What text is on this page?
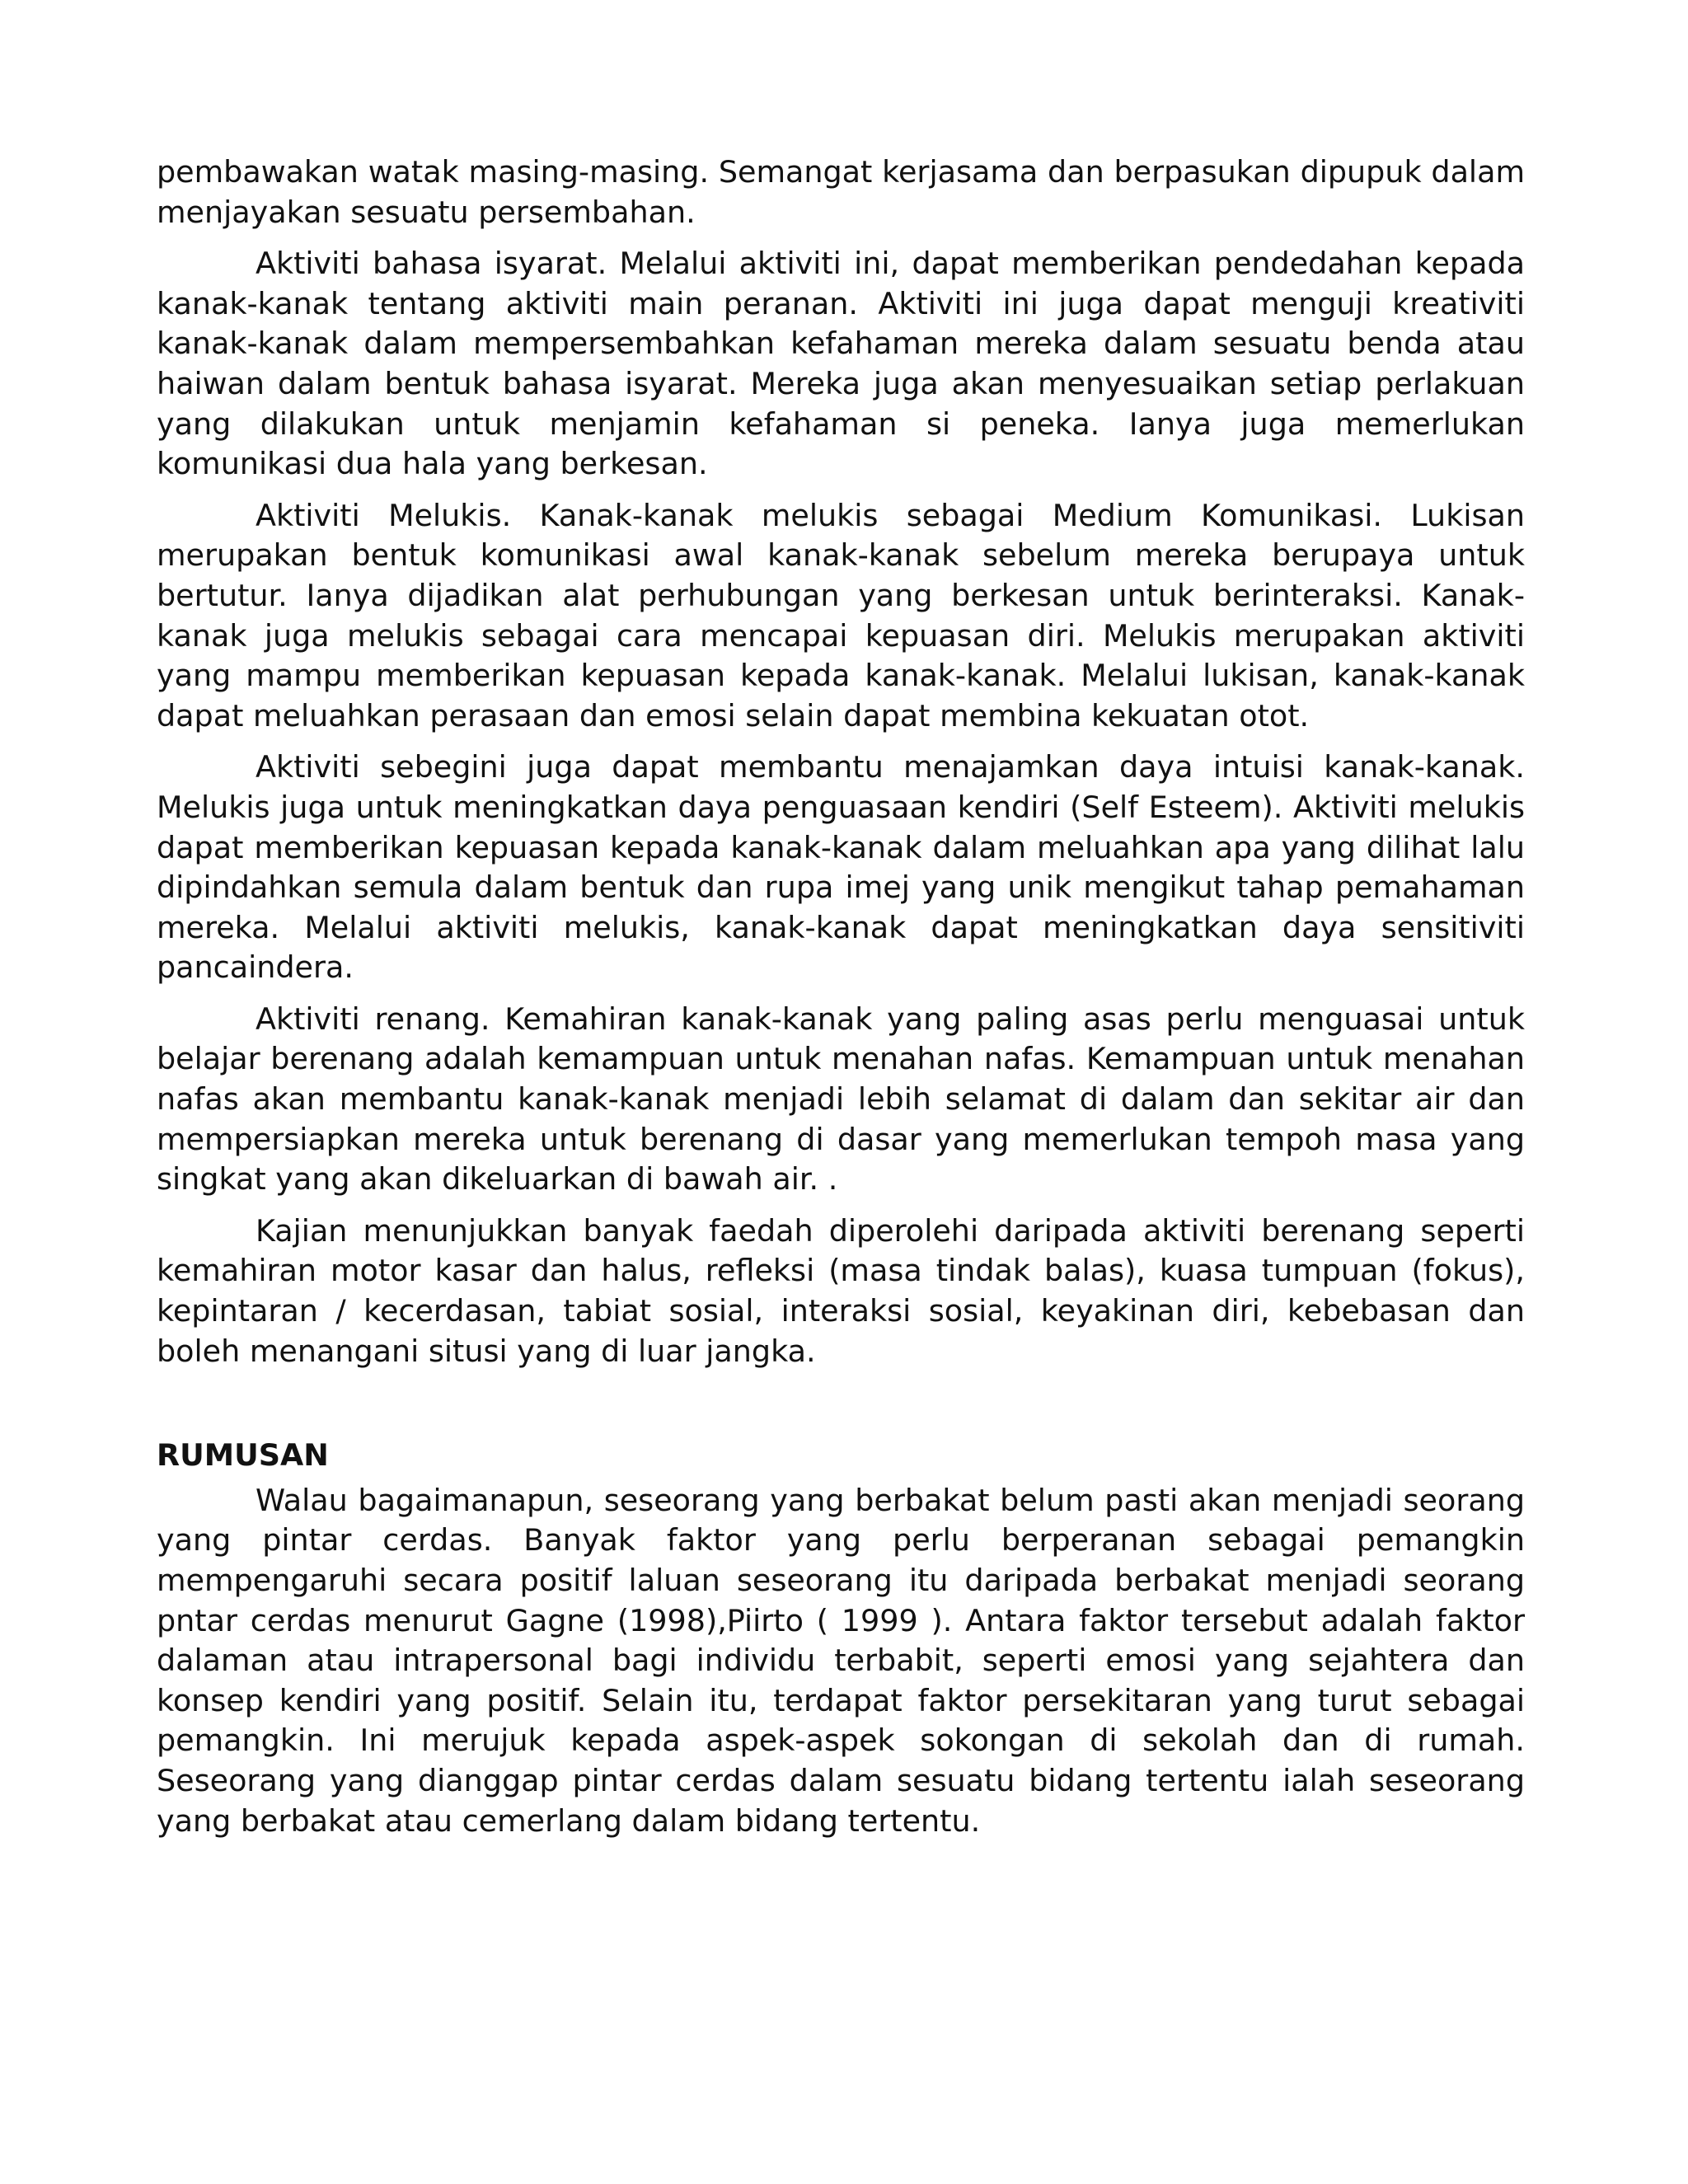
pembawakan watak masing-masing. Semangat kerjasama dan berpasukan dipupuk dalam menjayakan sesuatu persembahan.

Aktiviti bahasa isyarat. Melalui aktiviti ini, dapat memberikan pendedahan kepada kanak-kanak tentang aktiviti main peranan. Aktiviti ini juga dapat menguji kreativiti kanak-kanak dalam mempersembahkan kefahaman mereka dalam sesuatu benda atau haiwan dalam bentuk bahasa isyarat. Mereka juga akan menyesuaikan setiap perlakuan yang dilakukan untuk menjamin kefahaman si peneka. Ianya juga memerlukan komunikasi dua hala yang berkesan.

Aktiviti Melukis. Kanak-kanak melukis sebagai Medium Komunikasi. Lukisan merupakan bentuk komunikasi awal kanak-kanak sebelum mereka berupaya untuk bertutur. Ianya dijadikan alat perhubungan yang berkesan untuk berinteraksi. Kanak-kanak juga melukis sebagai cara mencapai kepuasan diri. Melukis merupakan aktiviti yang mampu memberikan kepuasan kepada kanak-kanak. Melalui lukisan, kanak-kanak dapat meluahkan perasaan dan emosi selain dapat membina kekuatan otot.

Aktiviti sebegini juga dapat membantu menajamkan daya intuisi kanak-kanak. Melukis juga untuk meningkatkan daya penguasaan kendiri (Self Esteem). Aktiviti melukis dapat memberikan kepuasan kepada kanak-kanak dalam meluahkan apa yang dilihat lalu dipindahkan semula dalam bentuk dan rupa imej yang unik mengikut tahap pemahaman mereka. Melalui aktiviti melukis, kanak-kanak dapat meningkatkan daya sensitiviti pancaindera.

Aktiviti renang. Kemahiran kanak-kanak yang paling asas perlu menguasai untuk belajar berenang adalah kemampuan untuk menahan nafas. Kemampuan untuk menahan nafas akan membantu kanak-kanak menjadi lebih selamat di dalam dan sekitar air dan mempersiapkan mereka untuk berenang di dasar yang memerlukan tempoh masa yang singkat yang akan dikeluarkan di bawah air. .

Kajian menunjukkan banyak faedah diperolehi daripada aktiviti berenang seperti kemahiran motor kasar dan halus, refleksi (masa tindak balas), kuasa tumpuan (fokus), kepintaran / kecerdasan, tabiat sosial, interaksi sosial, keyakinan diri, kebebasan dan boleh menangani situsi yang di luar jangka.

RUMUSAN

Walau bagaimanapun, seseorang yang berbakat belum pasti akan menjadi seorang yang pintar cerdas. Banyak faktor yang perlu berperanan sebagai pemangkin mempengaruhi secara positif laluan seseorang itu daripada berbakat menjadi seorang pntar cerdas menurut Gagne (1998),Piirto ( 1999 ). Antara faktor tersebut adalah faktor dalaman atau intrapersonal bagi individu terbabit, seperti emosi yang sejahtera dan konsep kendiri yang positif. Selain itu, terdapat faktor persekitaran yang turut sebagai pemangkin. Ini merujuk kepada aspek-aspek sokongan di sekolah dan di rumah. Seseorang yang dianggap pintar cerdas dalam sesuatu bidang tertentu ialah seseorang yang berbakat atau cemerlang dalam bidang tertentu.
